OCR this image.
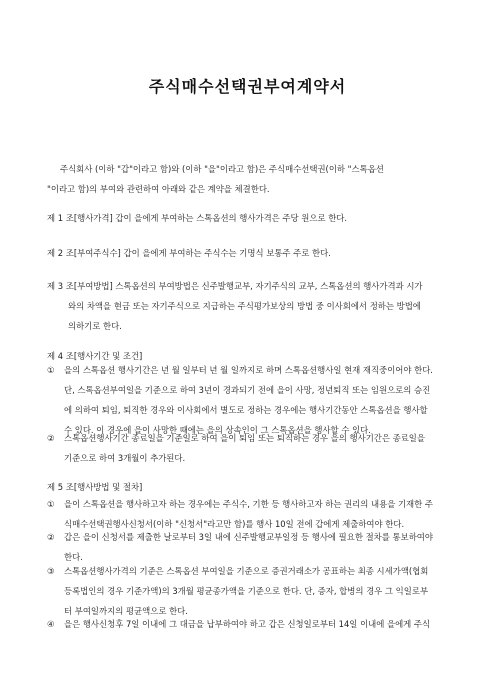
주식매수선택권부여계약서
주식회사 (이하 "갑"이라고 함)와 (이하 "을"이라고 함)은 주식매수선택권(이하 "스톡옵션
"이라고 함)의 부여와 관련하여 아래와 같은 계약을 체결한다.
제 1 조[행사가격] 갑이 을에게 부여하는 스톡옵션의 행사가격은 주당 원으로 한다.
제 2 조[부여주식수] 갑이 을에게 부여하는 주식수는 기명식 보통주 주로 한다.
제 3 조[부여방법] 스톡옵션의 부여방법은 신주발행교부, 자기주식의 교부, 스톡옵션의 행사가격과 시가
와의 차액을 현금 또는 자기주식으로 지급하는 주식평가보상의 방법 중 이사회에서 정하는 방법에
의하기로 한다.
제 4 조[행사기간 및 조건]
① 을의 스톡옵션 행사기간은 년 월 일부터 년 월 일까지로 하며 스톡옵션행사일 현재 재직중이어야 한다.
단, 스톡옵션부여일을 기준으로 하여 3년이 경과되기 전에 을이 사망, 정년퇴직 또는 임원으로의 승진
에 의하여 퇴임, 퇴직한 경우와 이사회에서 별도로 정하는 경우에는 행사기간동안 스톡옵션을 행사할
수 있다. 이 경우에 을이 사망한 때에는 을의 상속인이 그 스톡옵션을 행사할 수 있다.
② 스톡옵션행사기간 종료일을 기준일로 하여 을이 퇴임 또는 퇴직하는 경우 을의 행사기간은 종료일을
기준으로 하여 3개월이 추가된다.
제 5 조[행사방법 및 절차]
① 을이 스톡옵션을 행사하고자 하는 경우에는 주식수, 기한 등 행사하고자 하는 권리의 내용을 기재한 주
식매수선택권행사신청서(이하 "신청서"라고만 함)를 행사 10일 전에 갑에게 제출하여야 한다.
② 갑은 을이 신청서를 제출한 날로부터 3일 내에 신주발행교부일정 등 행사에 필요한 절차를 통보하여야
한다.
③ 스톡옵션행사가격의 기준은 스톡옵션 부여일을 기준으로 증권거래소가 공표하는 최종 시세가액(협회
등록법인의 경우 기준가액)의 3개월 평균종가액을 기준으로 한다. 단, 증자, 합병의 경우 그 익일로부
터 부여일까지의 평균액으로 한다.
④ 을은 행사신청후 7일 이내에 그 대금을 납부하여야 하고 갑은 신청일로부터 14일 이내에 을에게 주식
